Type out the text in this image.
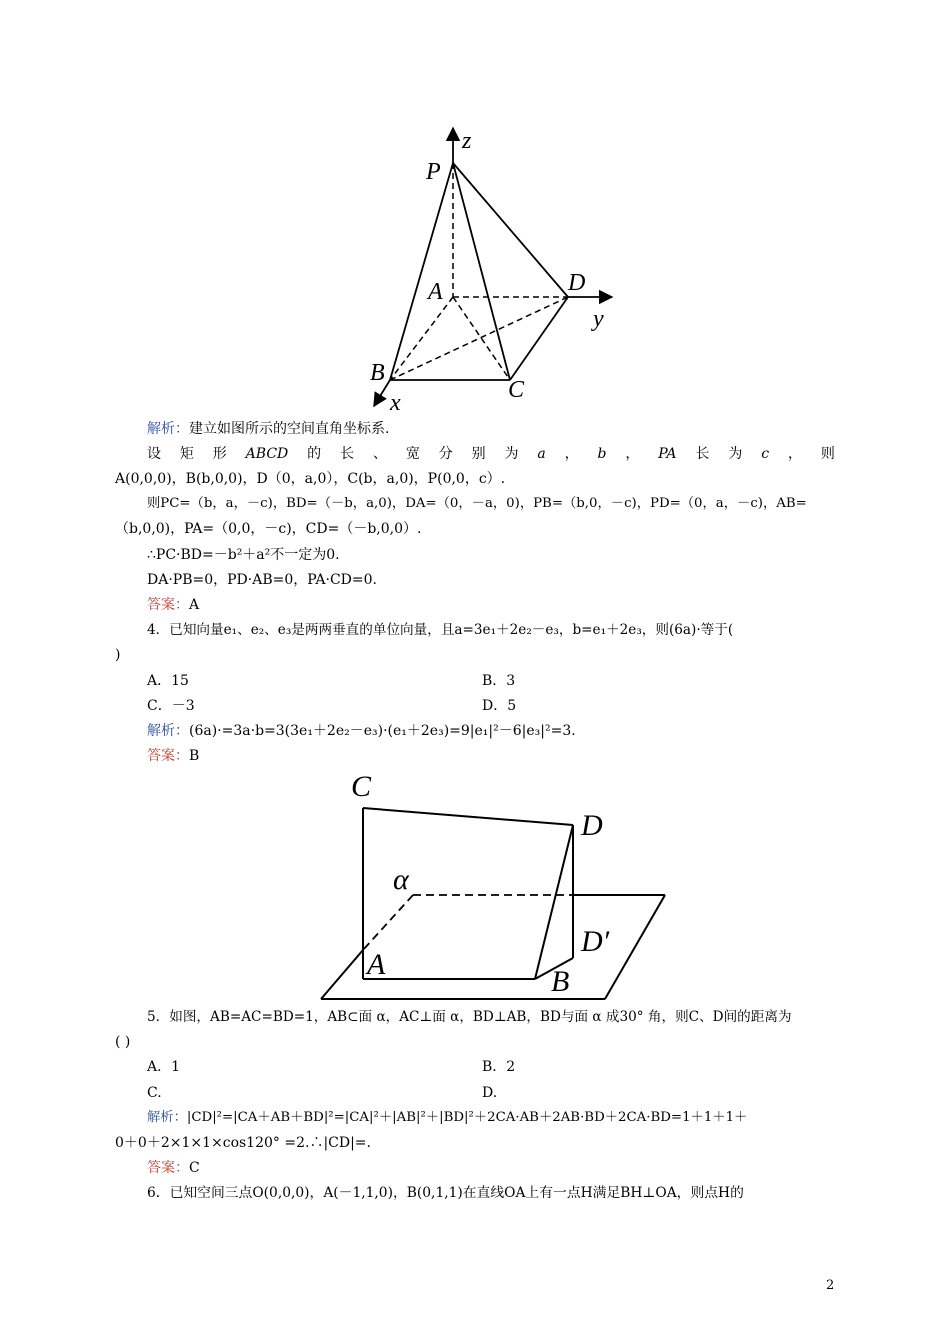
z
P
A	D
y
B
C
x
解析：建立如图所示的空间直角坐标系.
设 矩 形 ABCD 的 长 、 宽 分 别 为 a ， b ， PA 长 为 c ， 则
A(0,0,0)，B(b,0,0)，D（0，a,0），C(b，a,0)，P(0,0，c）.
则PC=（b，a，－c)，BD=（－b，a,0)，DA=（0，－a，0)，PB=（b,0，－c)，PD=（0，a，－c)，AB=
（b,0,0)，PA=（0,0，－c)，CD=（－b,0,0）.
∴PC·BD=－b²＋a²不一定为0.
DA·PB=0，PD·AB=0，PA·CD=0.
答案：A
4．已知向量e₁、e₂、e₃是两两垂直的单位向量，且a=3e₁＋2e₂－e₃，b=e₁＋2e₃，则(6a)·等于(
)
A．15	B．3
C．－3	D．5
解析：(6a)·=3a·b=3(3e₁＋2e₂－e₃)·(e₁＋2e₃)=9|e₁|²－6|e₃|²=3.
答案：B
C
D
α
D′
A
B
5．如图，AB=AC=BD=1，AB⊂面 α，AC⊥面 α，BD⊥AB，BD与面 α 成30° 角，则C、D间的距离为
( )
A．1	B．2
C.	D.
解析：|CD|²=|CA＋AB＋BD|²=|CA|²＋|AB|²＋|BD|²＋2CA·AB＋2AB·BD＋2CA·BD=1＋1＋1＋
0＋0＋2×1×1×cos120° =2.∴|CD|=.
答案：C
6．已知空间三点O(0,0,0)，A(－1,1,0)，B(0,1,1)在直线OA上有一点H满足BH⊥OA，则点H的
2
